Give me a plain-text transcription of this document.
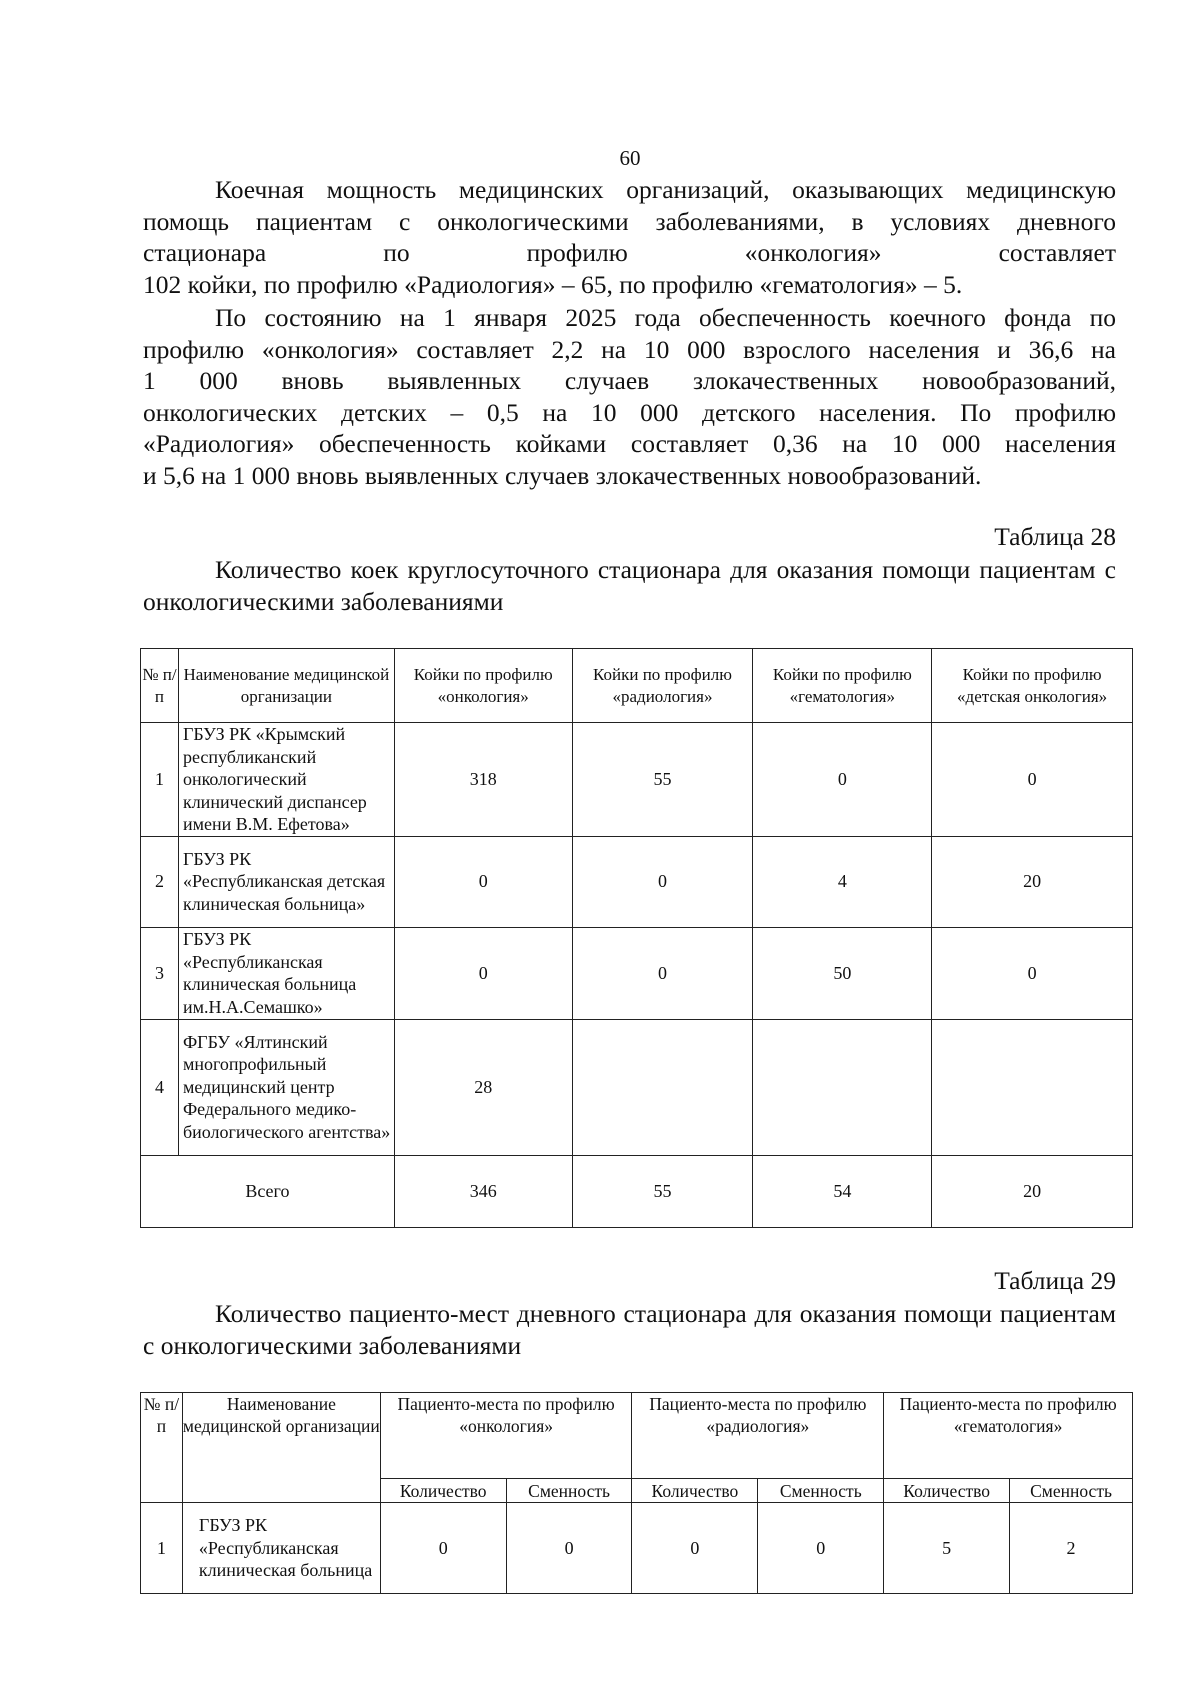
60
Коечная мощность медицинских организаций, оказывающих медицинскую
помощь пациентам с онкологическими заболеваниями, в условиях дневного
стационара по профилю «онкология» составляет
102 койки, по профилю «Радиология» – 65, по профилю «гематология» – 5.
По состоянию на 1 января 2025 года обеспеченность коечного фонда по
профилю «онкология» составляет 2,2 на 10 000 взрослого населения и 36,6 на
1 000 вновь выявленных случаев злокачественных новообразований,
онкологических детских – 0,5 на 10 000 детского населения. По профилю
«Радиология» обеспеченность койками составляет 0,36 на 10 000 населения
и 5,6 на 1 000 вновь выявленных случаев злокачественных новообразований.
Таблица 28
Количество коек круглосуточного стационара для оказания помощи пациентам с онкологическими заболеваниями
№ п/п	Наименование медицинской организации	Койки по профилю «онкология»	Койки по профилю «радиология»	Койки по профилю «гематология»	Койки по профилю «детская онкология»
1	ГБУЗ РК «Крымский республиканский онкологический клинический диспансер имени В.М. Ефетова»	318	55	0	0
2	ГБУЗ РК «Республиканская детская клиническая больница»	0	0	4	20
3	ГБУЗ РК «Республиканская клиническая больница им.Н.А.Семашко»	0	0	50	0
4	ФГБУ «Ялтинский многопрофильный медицинский центр Федерального медико-биологического агентства»	28			
Всего		346	55	54	20
Таблица 29
Количество пациенто-мест дневного стационара для оказания помощи пациентам с онкологическими заболеваниями
№ п/ п	Наименование медицинской организации	Пациенто-места по профилю «онкология»		Пациенто-места по профилю «радиология»		Пациенто-места по профилю «гематология»	
		Количество	Сменность	Количество	Сменность	Количество	Сменность
1	ГБУЗ РК «Республиканская клиническая больница	0	0	0	0	5	2
